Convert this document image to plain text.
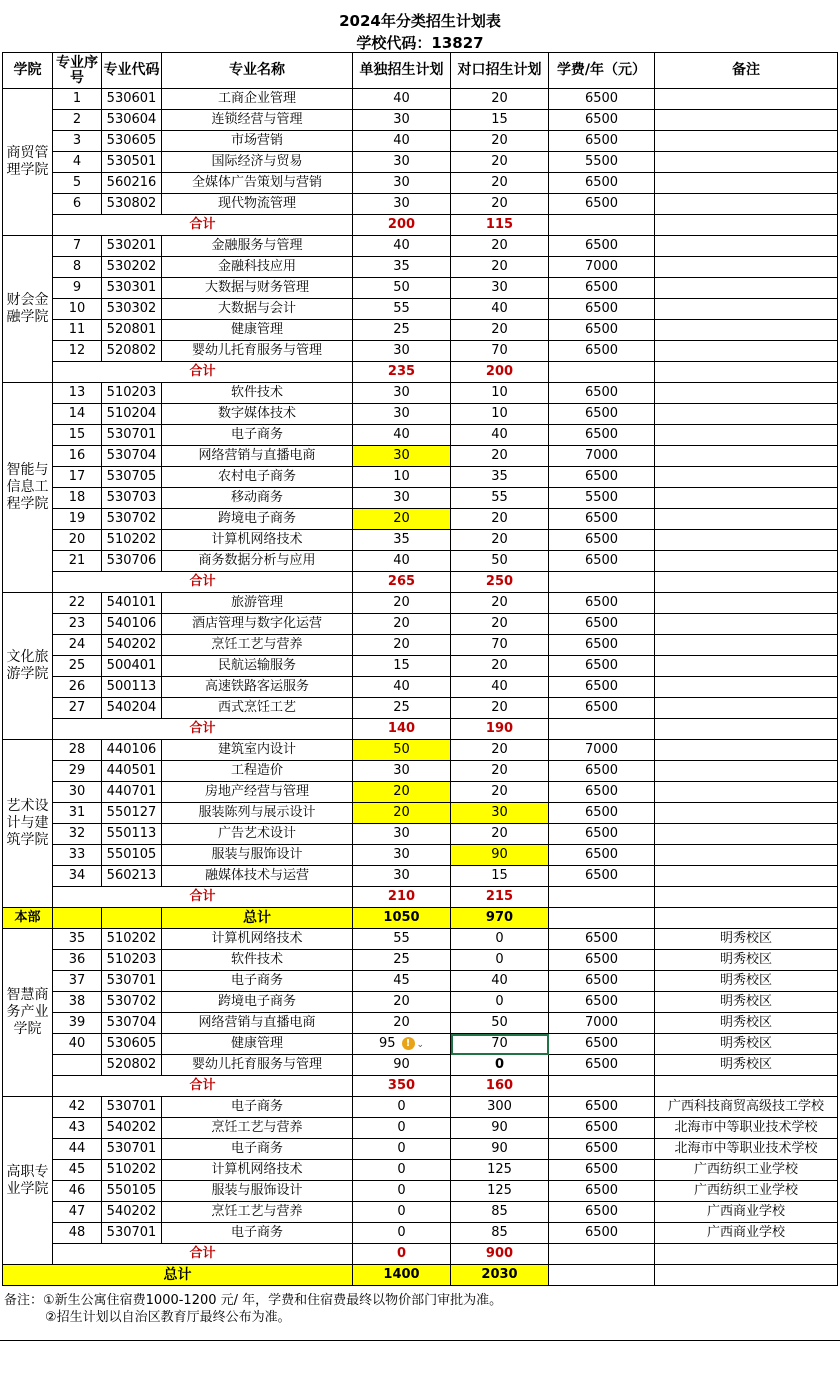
2024年分类招生计划表
学校代码：13827
学院	专业序号	专业代码	专业名称	单独招生计划	对口招生计划	学费/年（元）	备注
商贸管理学院	1	530601	工商企业管理	40	20	6500	
	2	530604	连锁经营与管理	30	15	6500	
	3	530605	市场营销	40	20	6500	
	4	530501	国际经济与贸易	30	20	5500	
	5	560216	全媒体广告策划与营销	30	20	6500	
	6	530802	现代物流管理	30	20	6500	
	合计			200	115		
财会金融学院	7	530201	金融服务与管理	40	20	6500	
	8	530202	金融科技应用	35	20	7000	
	9	530301	大数据与财务管理	50	30	6500	
	10	530302	大数据与会计	55	40	6500	
	11	520801	健康管理	25	20	6500	
	12	520802	婴幼儿托育服务与管理	30	70	6500	
	合计			235	200		
智能与信息工程学院	13	510203	软件技术	30	10	6500	
	14	510204	数字媒体技术	30	10	6500	
	15	530701	电子商务	40	40	6500	
	16	530704	网络营销与直播电商	30	20	7000	
	17	530705	农村电子商务	10	35	6500	
	18	530703	移动商务	30	55	5500	
	19	530702	跨境电子商务	20	20	6500	
	20	510202	计算机网络技术	35	20	6500	
	21	530706	商务数据分析与应用	40	50	6500	
	合计			265	250		
文化旅游学院	22	540101	旅游管理	20	20	6500	
	23	540106	酒店管理与数字化运营	20	20	6500	
	24	540202	烹饪工艺与营养	20	70	6500	
	25	500401	民航运输服务	15	20	6500	
	26	500113	高速铁路客运服务	40	40	6500	
	27	540204	西式烹饪工艺	25	20	6500	
	合计			140	190		
艺术设计与建筑学院	28	440106	建筑室内设计	50	20	7000	
	29	440501	工程造价	30	20	6500	
	30	440701	房地产经营与管理	20	20	6500	
	31	550127	服装陈列与展示设计	20	30	6500	
	32	550113	广告艺术设计	30	20	6500	
	33	550105	服装与服饰设计	30	90	6500	
	34	560213	融媒体技术与运营	30	15	6500	
	合计			210	215		
本部			总计	1050	970		
智慧商务产业学院	35	510202	计算机网络技术	55	0	6500	明秀校区
	36	510203	软件技术	25	0	6500	明秀校区
	37	530701	电子商务	45	40	6500	明秀校区
	38	530702	跨境电子商务	20	0	6500	明秀校区
	39	530704	网络营销与直播电商	20	50	7000	明秀校区
	40	530605	健康管理	95 ! ⌄	70	6500	明秀校区
		520802	婴幼儿托育服务与管理	90	0	6500	明秀校区
	合计			350	160		
高职专业学院	42	530701	电子商务	0	300	6500	广西科技商贸高级技工学校
	43	540202	烹饪工艺与营养	0	90	6500	北海市中等职业技术学校
	44	530701	电子商务	0	90	6500	北海市中等职业技术学校
	45	510202	计算机网络技术	0	125	6500	广西纺织工业学校
	46	550105	服装与服饰设计	0	125	6500	广西纺织工业学校
	47	540202	烹饪工艺与营养	0	85	6500	广西商业学校
	48	530701	电子商务	0	85	6500	广西商业学校
	合计			0	900		
总计				1400	2030		
备注：①新生公寓住宿费1000-1200 元/ 年，学费和住宿费最终以物价部门审批为准。
②招生计划以自治区教育厅最终公布为准。
